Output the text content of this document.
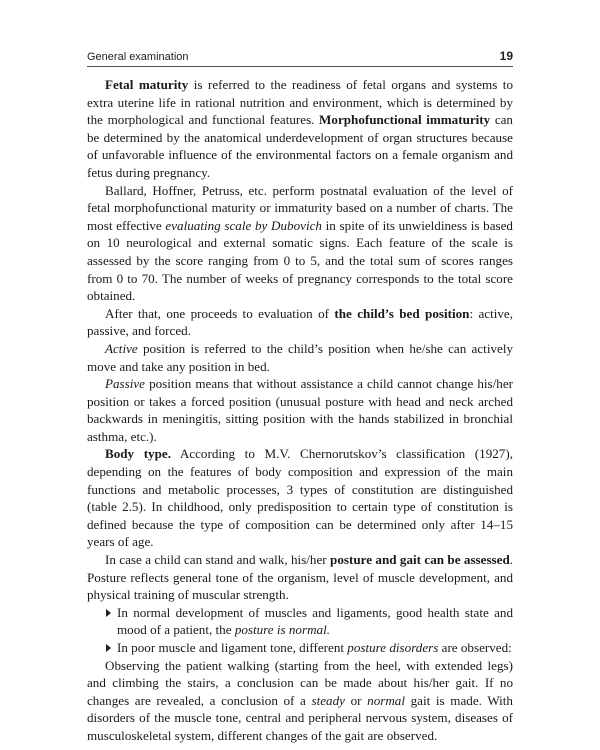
General examination	19

Fetal maturity is referred to the readiness of fetal organs and systems to extra uterine life in rational nutrition and environment, which is determined by the morphological and functional features. Morphofunctional immaturity can be determined by the anatomical underdevelopment of organ structures because of unfavorable influence of the environmental factors on a female organism and fetus during pregnancy.

Ballard, Hoffner, Petruss, etc. perform postnatal evaluation of the level of fetal morphofunctional maturity or immaturity based on a number of charts. The most effective evaluating scale by Dubovich in spite of its unwieldiness is based on 10 neurological and external somatic signs. Each feature of the scale is assessed by the score ranging from 0 to 5, and the total sum of scores ranges from 0 to 70. The number of weeks of pregnancy corresponds to the total score obtained.

After that, one proceeds to evaluation of the child’s bed position: active, passive, and forced.

Active position is referred to the child’s position when he/she can actively move and take any position in bed.

Passive position means that without assistance a child cannot change his/her position or takes a forced position (unusual posture with head and neck arched backwards in meningitis, sitting position with the hands stabilized in bronchial asthma, etc.).

Body type. According to M.V. Chernorutskov’s classification (1927), depending on the features of body composition and expression of the main functions and metabolic processes, 3 types of constitution are distinguished (table 2.5). In childhood, only predisposition to certain type of constitution is defined because the type of composition can be determined only after 14–15 years of age.

In case a child can stand and walk, his/her posture and gait can be assessed. Posture reflects general tone of the organism, level of muscle development, and physical training of muscular strength.

In normal development of muscles and ligaments, good health state and mood of a patient, the posture is normal.
In poor muscle and ligament tone, different posture disorders are observed:

Observing the patient walking (starting from the heel, with extended legs) and climbing the stairs, a conclusion can be made about his/her gait. If no changes are revealed, a conclusion of a steady or normal gait is made. With disorders of the muscle tone, central and peripheral nervous system, diseases of musculoskeletal system, different changes of the gait are observed.
